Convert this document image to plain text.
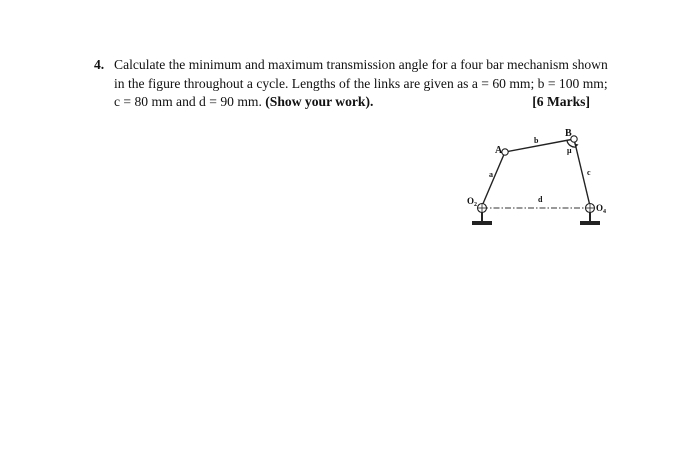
4. Calculate the minimum and maximum transmission angle for a four bar mechanism shown
in the figure throughout a cycle. Lengths of the links are given as a = 60 mm; b = 100 mm;
c = 80 mm and d = 90 mm. (Show your work).	[6 Marks]
A
B
b
a	c
d
μ
$O_2$	$O_4$
